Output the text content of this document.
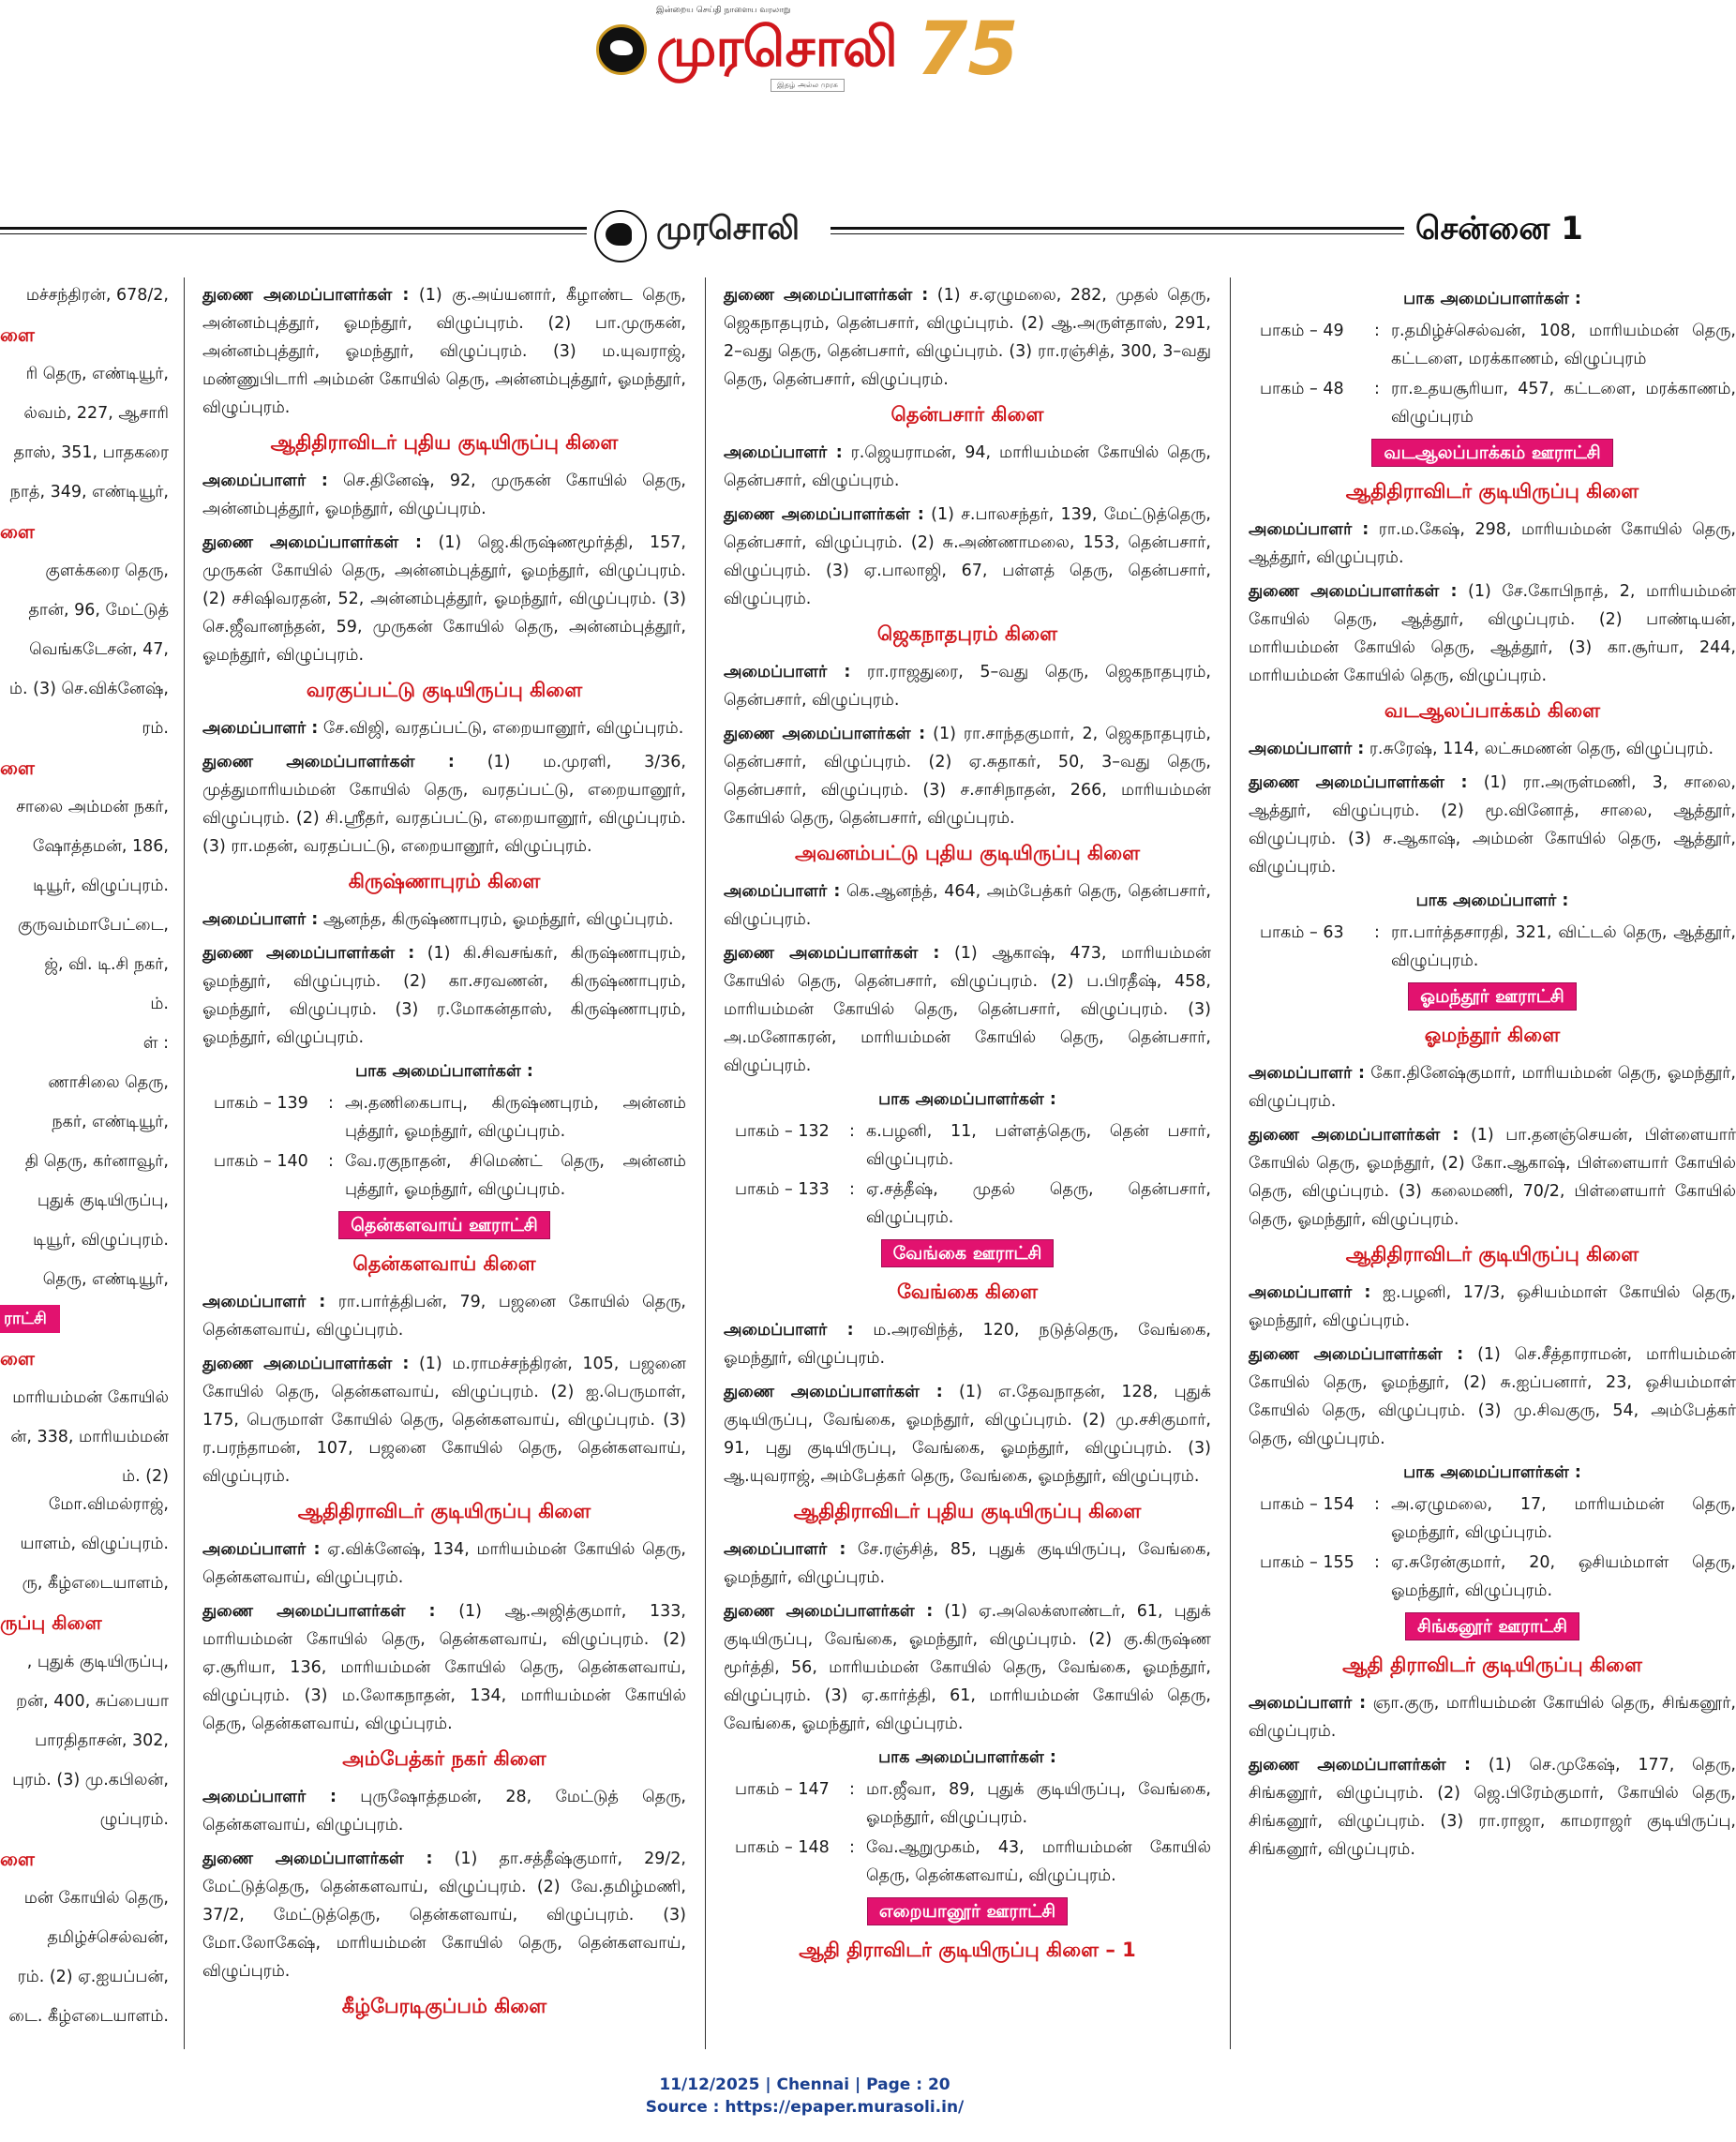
இன்றைய செய்தி நாளைய வரலாறு
முரசொலி 75
இதழ் அல்ல முரசு
முரசொலி	சென்னை 1
மச்சந்திரன், 678/2,
ளை
ரி தெரு, எண்டியூர்,
ல்வம், 227, ஆசாரி
தாஸ், 351, பாதகரை
நாத், 349, எண்டியூர்,
ளை
குளக்கரை தெரு,
தான், 96, மேட்டுத்
வெங்கடேசன், 47,
ம். (3) செ.விக்னேஷ்,
ரம்.
ளை
சாலை அம்மன் நகர்,
ஷோத்தமன், 186,
டியூர், விழுப்புரம்.
குருவம்மாபேட்டை,
ஜ், வி. டி.சி நகர்,
ம்.
ள் :
ணாசிலை தெரு,
நகர், எண்டியூர்,
தி தெரு, கர்னாவூர்,
புதுக் குடியிருப்பு,
டியூர், விழுப்புரம்.
தெரு, எண்டியூர்,
ராட்சி
ளை
மாரியம்மன் கோயில்
ன், 338, மாரியம்மன்
ம். (2) மோ.விமல்ராஜ்,
யாளம், விழுப்புரம்.
ரு, கீழ்எடையாளம்,
ருப்பு கிளை
, புதுக் குடியிருப்பு,
றன், 400, சுப்பையா
பாரதிதாசன், 302,
புரம். (3) மு.கபிலன்,
ழுப்புரம்.
ளை
மன் கோயில் தெரு,
தமிழ்ச்செல்வன்,
ரம். (2) ஏ.ஐயப்பன்,
டை. கீழ்எடையாளம்.
துணை அமைப்பாளர்கள் : (1) கு.அய்யனார், கீழாண்ட தெரு, அன்னம்புத்தூர், ஓமந்தூர், விழுப்புரம். (2) பா.முருகன், அன்னம்புத்தூர், ஓமந்தூர், விழுப்புரம். (3) ம.யுவராஜ், மண்ணுபிடாரி அம்மன் கோயில் தெரு, அன்னம்புத்தூர், ஓமந்தூர், விழுப்புரம்.
ஆதிதிராவிடர் புதிய குடியிருப்பு கிளை
அமைப்பாளர் : செ.தினேஷ், 92, முருகன் கோயில் தெரு, அன்னம்புத்தூர், ஓமந்தூர், விழுப்புரம்.
துணை அமைப்பாளர்கள் : (1) ஜெ.கிருஷ்ணமூர்த்தி, 157, முருகன் கோயில் தெரு, அன்னம்புத்தூர், ஓமந்தூர், விழுப்புரம். (2) சசிஷிவரதன், 52, அன்னம்புத்தூர், ஓமந்தூர், விழுப்புரம். (3) செ.ஜீவானந்தன், 59, முருகன் கோயில் தெரு, அன்னம்புத்தூர், ஓமந்தூர், விழுப்புரம்.
வரகுப்பட்டு குடியிருப்பு கிளை
அமைப்பாளர் : சே.விஜி, வரதப்பட்டு, எறையானூர், விழுப்புரம்.
துணை அமைப்பாளர்கள் : (1) ம.முரளி, 3/36, முத்துமாரியம்மன் கோயில் தெரு, வரதப்பட்டு, எறையானூர், விழுப்புரம். (2) சி.ஸ்ரீதர், வரதப்பட்டு, எறையானூர், விழுப்புரம். (3) ரா.மதன், வரதப்பட்டு, எறையானூர், விழுப்புரம்.
கிருஷ்ணாபுரம் கிளை
அமைப்பாளர் : ஆனந்த, கிருஷ்ணாபுரம், ஓமந்தூர், விழுப்புரம்.
துணை அமைப்பாளர்கள் : (1) கி.சிவசங்கர், கிருஷ்ணாபுரம், ஓமந்தூர், விழுப்புரம். (2) கா.சரவணன், கிருஷ்ணாபுரம், ஓமந்தூர், விழுப்புரம். (3) ர.மோகன்தாஸ், கிருஷ்ணாபுரம், ஓமந்தூர், விழுப்புரம்.
பாக அமைப்பாளர்கள் :
பாகம் – 139	: அ.தணிகைபாபு, கிருஷ்ணபுரம், அன்னம் புத்தூர், ஓமந்தூர், விழுப்புரம்.
பாகம் – 140	: வே.ரகுநாதன், சிமெண்ட் தெரு, அன்னம் புத்தூர், ஓமந்தூர், விழுப்புரம்.
தென்களவாய் ஊராட்சி
தென்களவாய் கிளை
அமைப்பாளர் : ரா.பார்த்திபன், 79, பஜனை கோயில் தெரு, தென்களவாய், விழுப்புரம்.
துணை அமைப்பாளர்கள் : (1) ம.ராமச்சந்திரன், 105, பஜனை கோயில் தெரு, தென்களவாய், விழுப்புரம். (2) ஐ.பெருமாள், 175, பெருமாள் கோயில் தெரு, தென்களவாய், விழுப்புரம். (3) ர.பரந்தாமன், 107, பஜனை கோயில் தெரு, தென்களவாய், விழுப்புரம்.
ஆதிதிராவிடர் குடியிருப்பு கிளை
அமைப்பாளர் : ஏ.விக்னேஷ், 134, மாரியம்மன் கோயில் தெரு, தென்களவாய், விழுப்புரம்.
துணை அமைப்பாளர்கள் : (1) ஆ.அஜித்குமார், 133, மாரியம்மன் கோயில் தெரு, தென்களவாய், விழுப்புரம். (2) ஏ.சூரியா, 136, மாரியம்மன் கோயில் தெரு, தென்களவாய், விழுப்புரம். (3) ம.லோகநாதன், 134, மாரியம்மன் கோயில் தெரு, தென்களவாய், விழுப்புரம்.
அம்பேத்கர் நகர் கிளை
அமைப்பாளர் : புருஷோத்தமன், 28, மேட்டுத் தெரு, தென்களவாய், விழுப்புரம்.
துணை அமைப்பாளர்கள் : (1) தா.சத்தீஷ்குமார், 29/2, மேட்டுத்தெரு, தென்களவாய், விழுப்புரம். (2) வே.தமிழ்மணி, 37/2, மேட்டுத்தெரு, தென்களவாய், விழுப்புரம். (3) மோ.லோகேஷ், மாரியம்மன் கோயில் தெரு, தென்களவாய், விழுப்புரம்.
கீழ்பேரடிகுப்பம் கிளை
துணை அமைப்பாளர்கள் : (1) ச.ஏழுமலை, 282, முதல் தெரு, ஜெகநாதபுரம், தென்பசார், விழுப்புரம். (2) ஆ.அருள்தாஸ், 291, 2–வது தெரு, தென்பசார், விழுப்புரம். (3) ரா.ரஞ்சித், 300, 3–வது தெரு, தென்பசார், விழுப்புரம்.
தென்பசார் கிளை
அமைப்பாளர் : ர.ஜெயராமன், 94, மாரியம்மன் கோயில் தெரு, தென்பசார், விழுப்புரம்.
துணை அமைப்பாளர்கள் : (1) ச.பாலசந்தர், 139, மேட்டுத்தெரு, தென்பசார், விழுப்புரம். (2) சு.அண்ணாமலை, 153, தென்பசார், விழுப்புரம். (3) ஏ.பாலாஜி, 67, பள்ளத் தெரு, தென்பசார், விழுப்புரம்.
ஜெகநாதபுரம் கிளை
அமைப்பாளர் : ரா.ராஜதுரை, 5–வது தெரு, ஜெகநாதபுரம், தென்பசார், விழுப்புரம்.
துணை அமைப்பாளர்கள் : (1) ரா.சாந்தகுமார், 2, ஜெகநாதபுரம், தென்பசார், விழுப்புரம். (2) ஏ.சுதாகர், 50, 3–வது தெரு, தென்பசார், விழுப்புரம். (3) ச.சாசிநாதன், 266, மாரியம்மன் கோயில் தெரு, தென்பசார், விழுப்புரம்.
அவனம்பட்டு புதிய குடியிருப்பு கிளை
அமைப்பாளர் : கெ.ஆனந்த், 464, அம்பேத்கர் தெரு, தென்பசார், விழுப்புரம்.
துணை அமைப்பாளர்கள் : (1) ஆகாஷ், 473, மாரியம்மன் கோயில் தெரு, தென்பசார், விழுப்புரம். (2) ப.பிரதீஷ், 458, மாரியம்மன் கோயில் தெரு, தென்பசார், விழுப்புரம். (3) அ.மனோகரன், மாரியம்மன் கோயில் தெரு, தென்பசார், விழுப்புரம்.
பாக அமைப்பாளர்கள் :
பாகம் – 132	: க.பழனி, 11, பள்ளத்தெரு, தென் பசார், விழுப்புரம்.
பாகம் – 133	: ஏ.சத்தீஷ், முதல் தெரு, தென்பசார், விழுப்புரம்.
வேங்கை ஊராட்சி
வேங்கை கிளை
அமைப்பாளர் : ம.அரவிந்த், 120, நடுத்தெரு, வேங்கை, ஓமந்தூர், விழுப்புரம்.
துணை அமைப்பாளர்கள் : (1) எ.தேவநாதன், 128, புதுக் குடியிருப்பு, வேங்கை, ஓமந்தூர், விழுப்புரம். (2) மு.சசிகுமார், 91, புது குடியிருப்பு, வேங்கை, ஓமந்தூர், விழுப்புரம். (3) ஆ.யுவராஜ், அம்பேத்கர் தெரு, வேங்கை, ஓமந்தூர், விழுப்புரம்.
ஆதிதிராவிடர் புதிய குடியிருப்பு கிளை
அமைப்பாளர் : சே.ரஞ்சித், 85, புதுக் குடியிருப்பு, வேங்கை, ஓமந்தூர், விழுப்புரம்.
துணை அமைப்பாளர்கள் : (1) ஏ.அலெக்ஸாண்டர், 61, புதுக் குடியிருப்பு, வேங்கை, ஓமந்தூர், விழுப்புரம். (2) கு.கிருஷ்ண மூர்த்தி, 56, மாரியம்மன் கோயில் தெரு, வேங்கை, ஓமந்தூர், விழுப்புரம். (3) ஏ.கார்த்தி, 61, மாரியம்மன் கோயில் தெரு, வேங்கை, ஓமந்தூர், விழுப்புரம்.
பாக அமைப்பாளர்கள் :
பாகம் – 147	: மா.ஜீவா, 89, புதுக் குடியிருப்பு, வேங்கை, ஓமந்தூர், விழுப்புரம்.
பாகம் – 148	: வே.ஆறுமுகம், 43, மாரியம்மன் கோயில் தெரு, தென்களவாய், விழுப்புரம்.
எறையானூர் ஊராட்சி
ஆதி திராவிடர் குடியிருப்பு கிளை – 1
பாக அமைப்பாளர்கள் :
பாகம் – 49	: ர.தமிழ்ச்செல்வன், 108, மாரியம்மன் தெரு, கட்டளை, மரக்காணம், விழுப்புரம்
பாகம் – 48	: ரா.உதயசூரியா, 457, கட்டளை, மரக்காணம், விழுப்புரம்
வடஆலப்பாக்கம் ஊராட்சி
ஆதிதிராவிடர் குடியிருப்பு கிளை
அமைப்பாளர் : ரா.ம.கேஷ், 298, மாரியம்மன் கோயில் தெரு, ஆத்தூர், விழுப்புரம்.
துணை அமைப்பாளர்கள் : (1) சே.கோபிநாத், 2, மாரியம்மன் கோயில் தெரு, ஆத்தூர், விழுப்புரம். (2) பாண்டியன், மாரியம்மன் கோயில் தெரு, ஆத்தூர், (3) கா.சூர்யா, 244, மாரியம்மன் கோயில் தெரு, விழுப்புரம்.
வடஆலப்பாக்கம் கிளை
அமைப்பாளர் : ர.சுரேஷ், 114, லட்சுமணன் தெரு, விழுப்புரம்.
துணை அமைப்பாளர்கள் : (1) ரா.அருள்மணி, 3, சாலை, ஆத்தூர், விழுப்புரம். (2) மூ.வினோத், சாலை, ஆத்தூர், விழுப்புரம். (3) ச.ஆகாஷ், அம்மன் கோயில் தெரு, ஆத்தூர், விழுப்புரம்.
பாக அமைப்பாளர் :
பாகம் – 63	: ரா.பார்த்தசாரதி, 321, விட்டல் தெரு, ஆத்தூர், விழுப்புரம்.
ஓமந்தூர் ஊராட்சி
ஓமந்தூர் கிளை
அமைப்பாளர் : கோ.தினேஷ்குமார், மாரியம்மன் தெரு, ஓமந்தூர், விழுப்புரம்.
துணை அமைப்பாளர்கள் : (1) பா.தனஞ்செயன், பிள்ளையார் கோயில் தெரு, ஓமந்தூர், (2) கோ.ஆகாஷ், பிள்ளையார் கோயில் தெரு, விழுப்புரம். (3) கலைமணி, 70/2, பிள்ளையார் கோயில் தெரு, ஓமந்தூர், விழுப்புரம்.
ஆதிதிராவிடர் குடியிருப்பு கிளை
அமைப்பாளர் : ஐ.பழனி, 17/3, ஒசியம்மாள் கோயில் தெரு, ஓமந்தூர், விழுப்புரம்.
துணை அமைப்பாளர்கள் : (1) செ.சீத்தாராமன், மாரியம்மன் கோயில் தெரு, ஓமந்தூர், (2) சு.ஐப்பனார், 23, ஒசியம்மாள் கோயில் தெரு, விழுப்புரம். (3) மு.சிவகுரு, 54, அம்பேத்கர் தெரு, விழுப்புரம்.
பாக அமைப்பாளர்கள் :
பாகம் – 154	: அ.ஏழுமலை, 17, மாரியம்மன் தெரு, ஓமந்தூர், விழுப்புரம்.
பாகம் – 155	: ஏ.சுரேன்குமார், 20, ஒசியம்மாள் தெரு, ஓமந்தூர், விழுப்புரம்.
சிங்கனூர் ஊராட்சி
ஆதி திராவிடர் குடியிருப்பு கிளை
அமைப்பாளர் : ஞா.குரு, மாரியம்மன் கோயில் தெரு, சிங்கனூர், விழுப்புரம்.
துணை அமைப்பாளர்கள் : (1) செ.முகேஷ், 177, தெரு, சிங்கனூர், விழுப்புரம். (2) ஜெ.பிரேம்குமார், கோயில் தெரு, சிங்கனூர், விழுப்புரம். (3) ரா.ராஜா, காமராஜர் குடியிருப்பு, சிங்கனூர், விழுப்புரம்.
11/12/2025 | Chennai | Page : 20
Source : https://epaper.murasoli.in/
